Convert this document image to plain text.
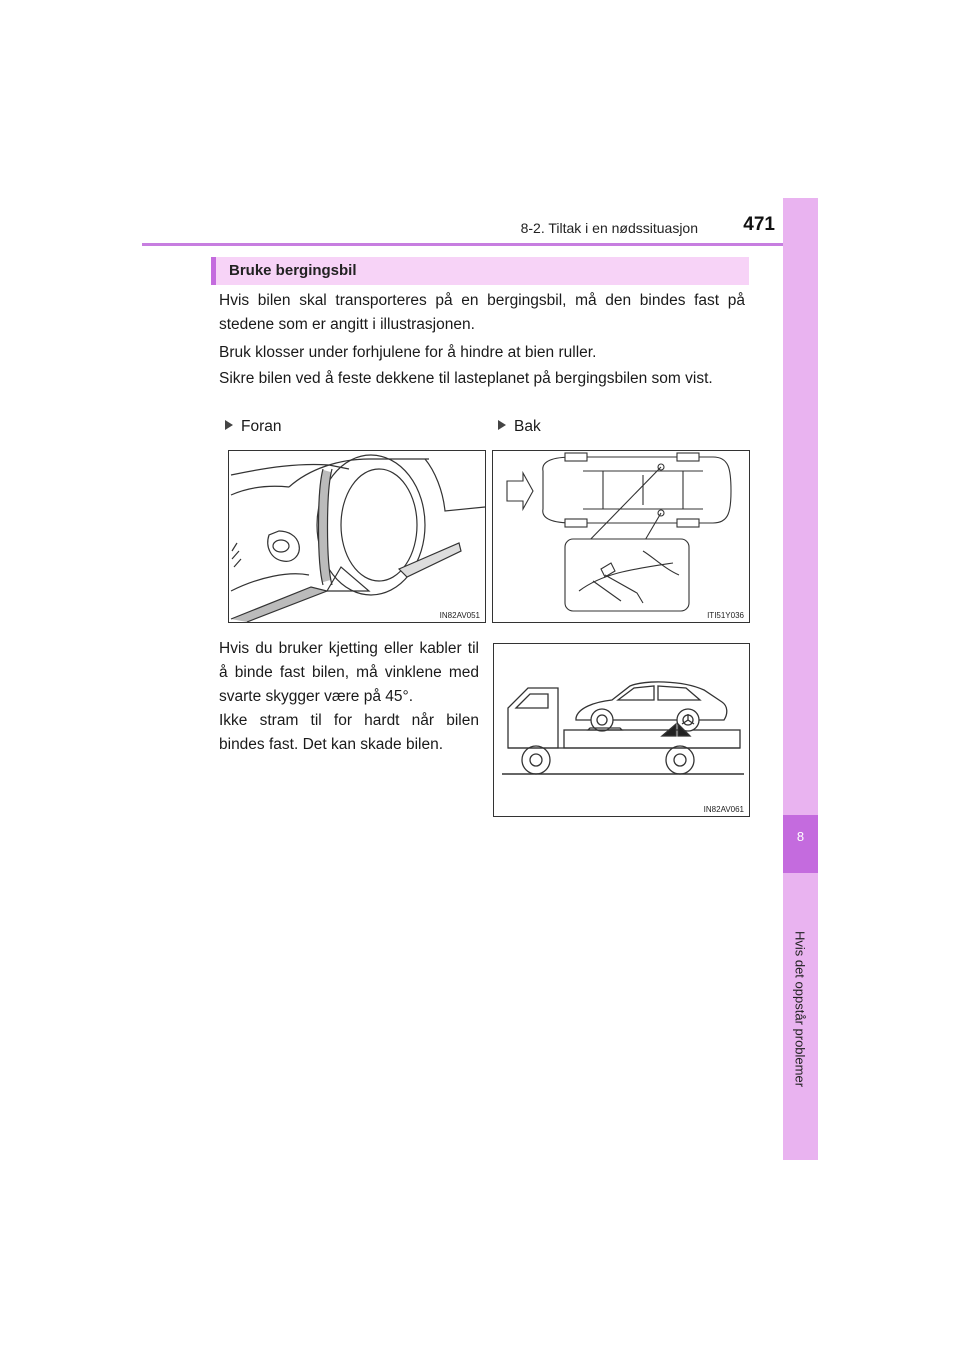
8-2. Tiltak i en nødssituasjon	471
8
Hvis det oppstår problemer
Bruke bergingsbil
Hvis bilen skal transporteres på en bergingsbil, må den bindes fast på stedene som er angitt i illustrasjonen.
Bruk klosser under forhjulene for å hindre at bien ruller.
Sikre bilen ved å feste dekkene til lasteplanet på bergingsbilen som vist.
Foran	Bak
IN82AV051	ITI51Y036
Hvis du bruker kjetting eller kabler til å binde fast bilen, må vinklene med svarte skygger være på 45°.
Ikke stram til for hardt når bilen bindes fast. Det kan skade bilen.
IN82AV061
